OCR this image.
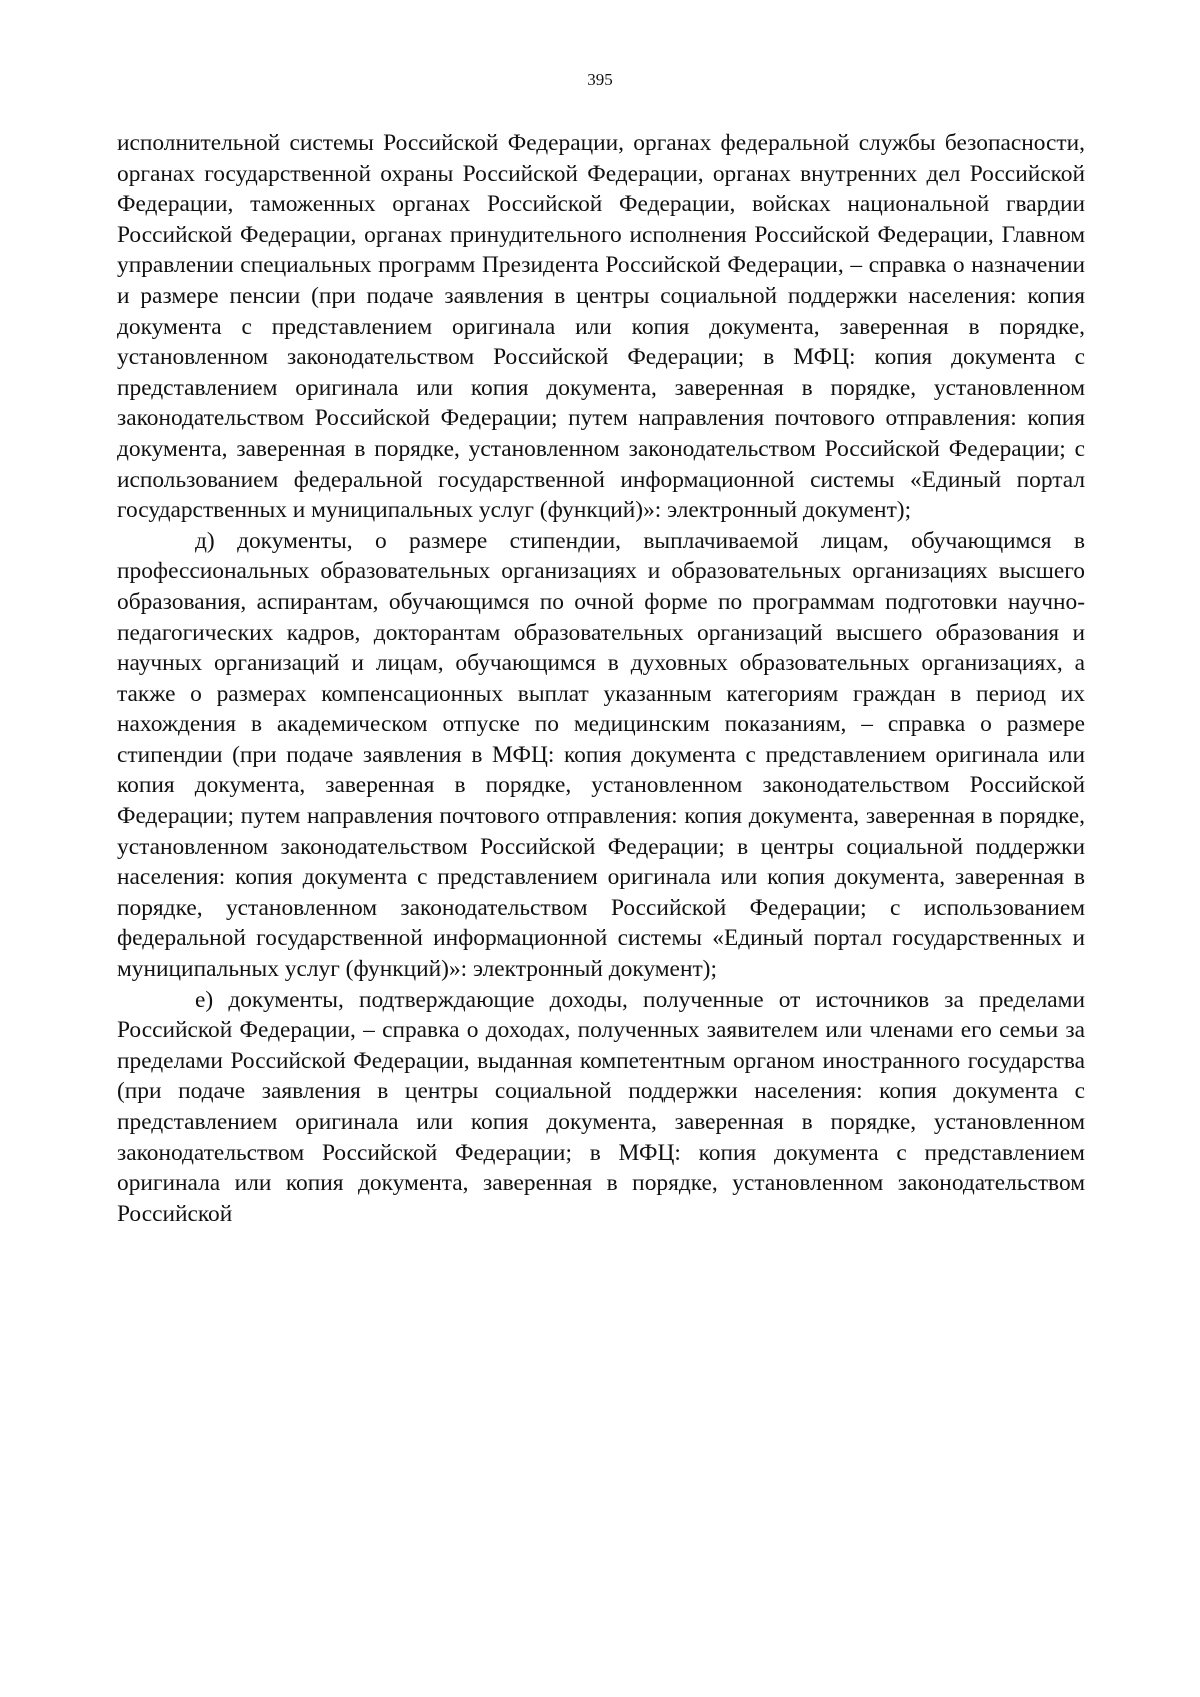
395

исполнительной системы Российской Федерации, органах федеральной службы безопасности, органах государственной охраны Российской Федерации, органах внутренних дел Российской Федерации, таможенных органах Российской Федерации, войсках национальной гвардии Российской Федерации, органах принудительного исполнения Российской Федерации, Главном управлении специальных программ Президента Российской Федерации, – справка о назначении и размере пенсии (при подаче заявления в центры социальной поддержки населения: копия документа с представлением оригинала или копия документа, заверенная в порядке, установленном законодательством Российской Федерации; в МФЦ: копия документа с представлением оригинала или копия документа, заверенная в порядке, установленном законодательством Российской Федерации; путем направления почтового отправления: копия документа, заверенная в порядке, установленном законодательством Российской Федерации; с использованием федеральной государственной информационной системы «Единый портал государственных и муниципальных услуг (функций)»: электронный документ);

д) документы, о размере стипендии, выплачиваемой лицам, обучающимся в профессиональных образовательных организациях и образовательных организациях высшего образования, аспирантам, обучающимся по очной форме по программам подготовки научно-педагогических кадров, докторантам образовательных организаций высшего образования и научных организаций и лицам, обучающимся в духовных образовательных организациях, а также о размерах компенсационных выплат указанным категориям граждан в период их нахождения в академическом отпуске по медицинским показаниям, – справка о размере стипендии (при подаче заявления в МФЦ: копия документа с представлением оригинала или копия документа, заверенная в порядке, установленном законодательством Российской Федерации; путем направления почтового отправления: копия документа, заверенная в порядке, установленном законодательством Российской Федерации; в центры социальной поддержки населения: копия документа с представлением оригинала или копия документа, заверенная в порядке, установленном законодательством Российской Федерации; с использованием федеральной государственной информационной системы «Единый портал государственных и муниципальных услуг (функций)»: электронный документ);

е) документы, подтверждающие доходы, полученные от источников за пределами Российской Федерации, – справка о доходах, полученных заявителем или членами его семьи за пределами Российской Федерации, выданная компетентным органом иностранного государства (при подаче заявления в центры социальной поддержки населения: копия документа с представлением оригинала или копия документа, заверенная в порядке, установленном законодательством Российской Федерации; в МФЦ: копия документа с представлением оригинала или копия документа, заверенная в порядке, установленном законодательством Российской
